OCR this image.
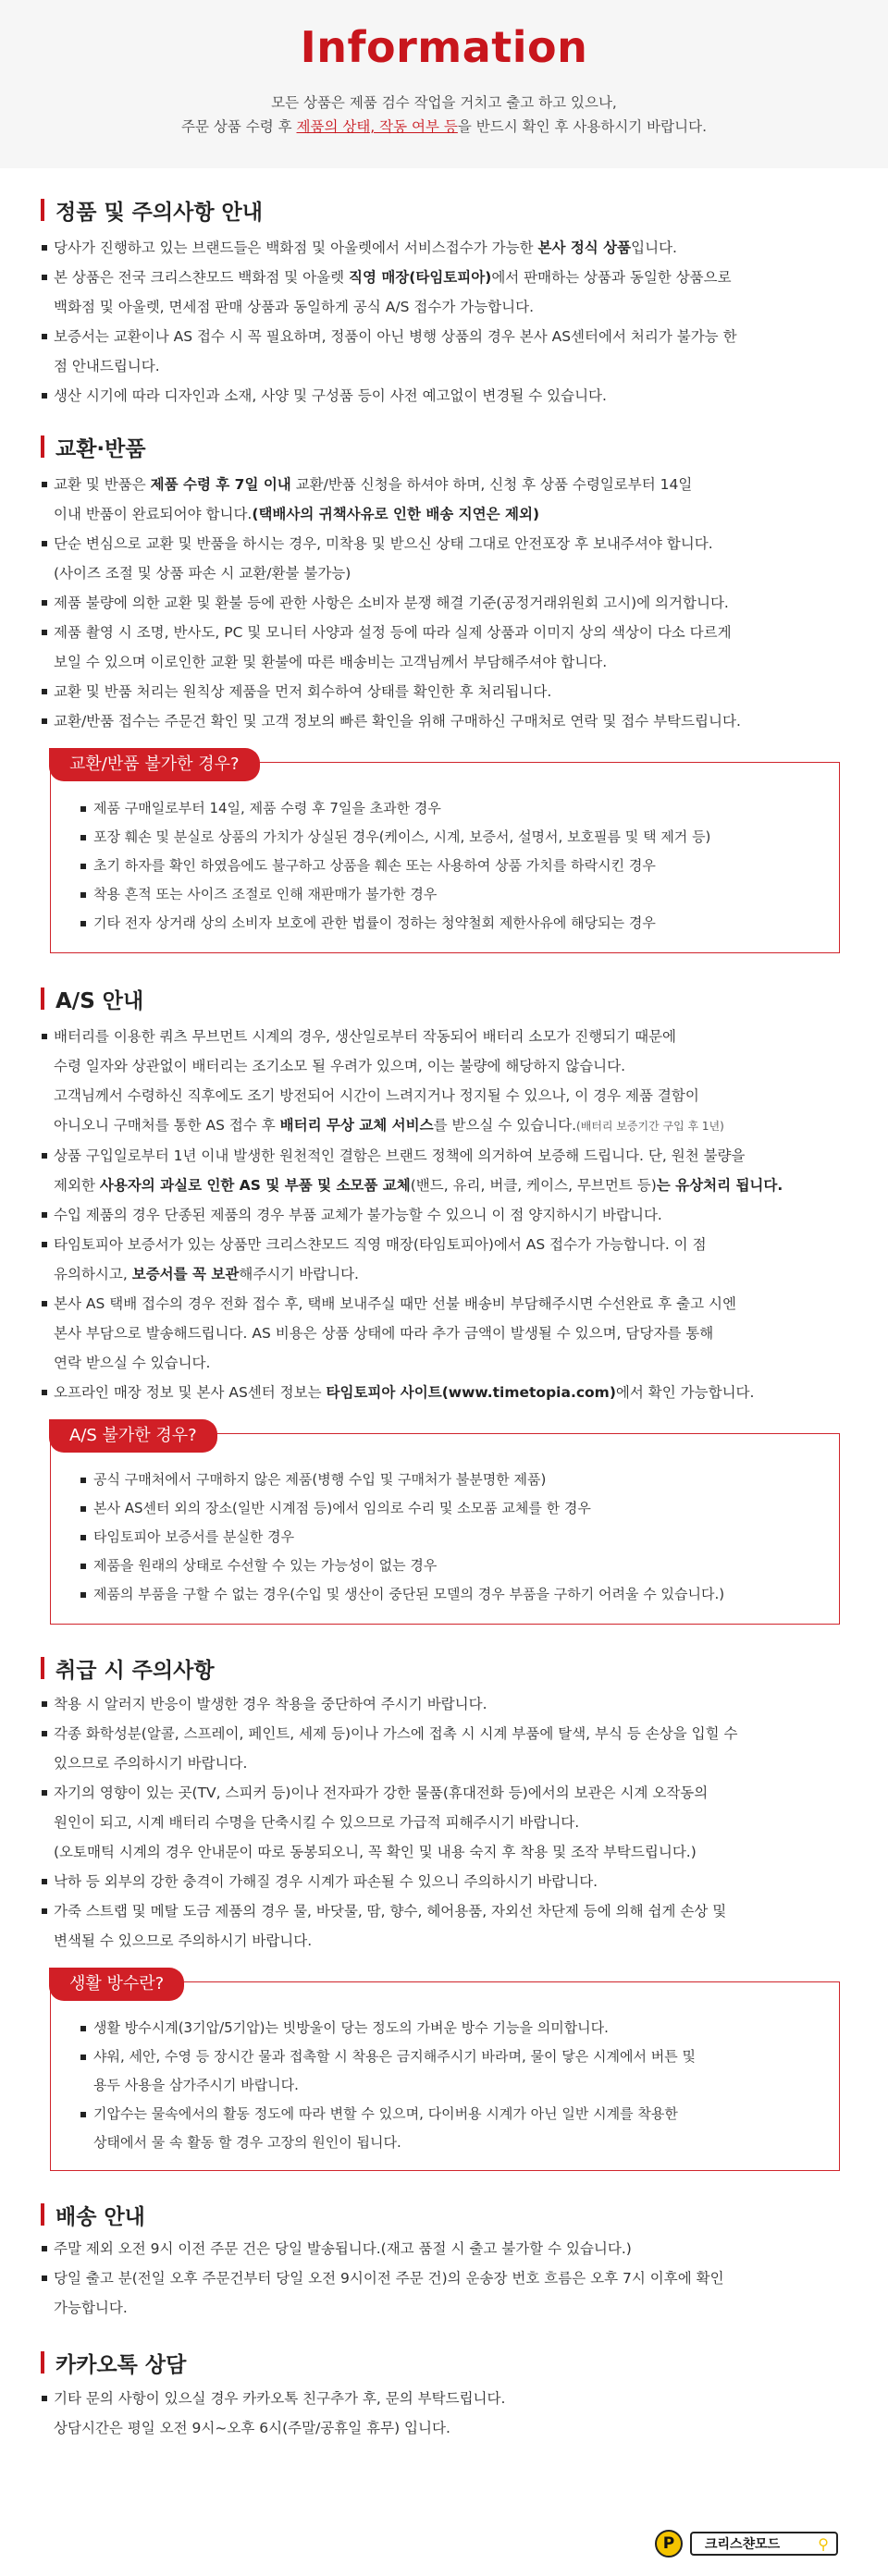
Information

모든 상품은 제품 검수 작업을 거치고 출고 하고 있으나,

주문 상품 수령 후 제품의 상태, 작동 여부 등을 반드시 확인 후 사용하시기 바랍니다.

정품 및 주의사항 안내
당사가 진행하고 있는 브랜드들은 백화점 및 아울렛에서 서비스접수가 가능한 본사 정식 상품입니다.
본 상품은 전국 크리스챤모드 백화점 및 아울렛 직영 매장(타임토피아)에서 판매하는 상품과 동일한 상품으로
백화점 및 아울렛, 면세점 판매 상품과 동일하게 공식 A/S 접수가 가능합니다.
보증서는 교환이나 AS 접수 시 꼭 필요하며, 정품이 아닌 병행 상품의 경우 본사 AS센터에서 처리가 불가능 한
점 안내드립니다.
생산 시기에 따라 디자인과 소재, 사양 및 구성품 등이 사전 예고없이 변경될 수 있습니다.
교환·반품
교환 및 반품은 제품 수령 후 7일 이내 교환/반품 신청을 하셔야 하며, 신청 후 상품 수령일로부터 14일
이내 반품이 완료되어야 합니다.(택배사의 귀책사유로 인한 배송 지연은 제외)
단순 변심으로 교환 및 반품을 하시는 경우, 미착용 및 받으신 상태 그대로 안전포장 후 보내주셔야 합니다.
(사이즈 조절 및 상품 파손 시 교환/환불 불가능)
제품 불량에 의한 교환 및 환불 등에 관한 사항은 소비자 분쟁 해결 기준(공정거래위원회 고시)에 의거합니다.
제품 촬영 시 조명, 반사도, PC 및 모니터 사양과 설정 등에 따라 실제 상품과 이미지 상의 색상이 다소 다르게
보일 수 있으며 이로인한 교환 및 환불에 따른 배송비는 고객님께서 부담해주셔야 합니다.
교환 및 반품 처리는 원칙상 제품을 먼저 회수하여 상태를 확인한 후 처리됩니다.
교환/반품 접수는 주문건 확인 및 고객 정보의 빠른 확인을 위해 구매하신 구매처로 연락 및 접수 부탁드립니다.
교환/반품 불가한 경우?
제품 구매일로부터 14일, 제품 수령 후 7일을 초과한 경우
포장 훼손 및 분실로 상품의 가치가 상실된 경우(케이스, 시계, 보증서, 설명서, 보호필름 및 택 제거 등)
초기 하자를 확인 하였음에도 불구하고 상품을 훼손 또는 사용하여 상품 가치를 하락시킨 경우
착용 흔적 또는 사이즈 조절로 인해 재판매가 불가한 경우
기타 전자 상거래 상의 소비자 보호에 관한 법률이 정하는 청약철회 제한사유에 해당되는 경우
A/S 안내
배터리를 이용한 쿼츠 무브먼트 시계의 경우, 생산일로부터 작동되어 배터리 소모가 진행되기 때문에
수령 일자와 상관없이 배터리는 조기소모 될 우려가 있으며, 이는 불량에 해당하지 않습니다.
고객님께서 수령하신 직후에도 조기 방전되어 시간이 느려지거나 정지될 수 있으나, 이 경우 제품 결함이
아니오니 구매처를 통한 AS 접수 후 배터리 무상 교체 서비스를 받으실 수 있습니다.(배터리 보증기간 구입 후 1년)
상품 구입일로부터 1년 이내 발생한 원천적인 결함은 브랜드 정책에 의거하여 보증해 드립니다. 단, 원천 불량을
제외한 사용자의 과실로 인한 AS 및 부품 및 소모품 교체(밴드, 유리, 버클, 케이스, 무브먼트 등)는 유상처리 됩니다.
수입 제품의 경우 단종된 제품의 경우 부품 교체가 불가능할 수 있으니 이 점 양지하시기 바랍니다.
타임토피아 보증서가 있는 상품만 크리스챤모드 직영 매장(타임토피아)에서 AS 접수가 가능합니다. 이 점
유의하시고, 보증서를 꼭 보관해주시기 바랍니다.
본사 AS 택배 접수의 경우 전화 접수 후, 택배 보내주실 때만 선불 배송비 부담해주시면 수선완료 후 출고 시엔
본사 부담으로 발송해드립니다. AS 비용은 상품 상태에 따라 추가 금액이 발생될 수 있으며, 담당자를 통해
연락 받으실 수 있습니다.
오프라인 매장 정보 및 본사 AS센터 정보는 타임토피아 사이트(www.timetopia.com)에서 확인 가능합니다.
A/S 불가한 경우?
공식 구매처에서 구매하지 않은 제품(병행 수입 및 구매처가 불분명한 제품)
본사 AS센터 외의 장소(일반 시계점 등)에서 임의로 수리 및 소모품 교체를 한 경우
타임토피아 보증서를 분실한 경우
제품을 원래의 상태로 수선할 수 있는 가능성이 없는 경우
제품의 부품을 구할 수 없는 경우(수입 및 생산이 중단된 모델의 경우 부품을 구하기 어려울 수 있습니다.)
취급 시 주의사항
착용 시 알러지 반응이 발생한 경우 착용을 중단하여 주시기 바랍니다.
각종 화학성분(알콜, 스프레이, 페인트, 세제 등)이나 가스에 접촉 시 시계 부품에 탈색, 부식 등 손상을 입힐 수
있으므로 주의하시기 바랍니다.
자기의 영향이 있는 곳(TV, 스피커 등)이나 전자파가 강한 물품(휴대전화 등)에서의 보관은 시계 오작동의
원인이 되고, 시계 배터리 수명을 단축시킬 수 있으므로 가급적 피해주시기 바랍니다.
(오토매틱 시계의 경우 안내문이 따로 동봉되오니, 꼭 확인 및 내용 숙지 후 착용 및 조작 부탁드립니다.)
낙하 등 외부의 강한 충격이 가해질 경우 시계가 파손될 수 있으니 주의하시기 바랍니다.
가죽 스트랩 및 메탈 도금 제품의 경우 물, 바닷물, 땀, 향수, 헤어용품, 자외선 차단제 등에 의해 쉽게 손상 및
변색될 수 있으므로 주의하시기 바랍니다.
생활 방수란?
생활 방수시계(3기압/5기압)는 빗방울이 당는 정도의 가벼운 방수 기능을 의미합니다.
샤워, 세안, 수영 등 장시간 물과 접촉할 시 착용은 금지해주시기 바라며, 물이 닿은 시계에서 버튼 및
용두 사용을 삼가주시기 바랍니다.
기압수는 물속에서의 활동 정도에 따라 변할 수 있으며, 다이버용 시계가 아닌 일반 시계를 착용한
상태에서 물 속 활동 할 경우 고장의 원인이 됩니다.
배송 안내
주말 제외 오전 9시 이전 주문 건은 당일 발송됩니다.(재고 품절 시 출고 불가할 수 있습니다.)
당일 출고 분(전일 오후 주문건부터 당일 오전 9시이전 주문 건)의 운송장 번호 흐름은 오후 7시 이후에 확인
가능합니다.
카카오톡 상담
기타 문의 사항이 있으실 경우 카카오톡 친구추가 후, 문의 부탁드립니다.
상담시간은 평일 오전 9시~오후 6시(주말/공휴일 휴무) 입니다.
P	크리스챤모드	⚲
